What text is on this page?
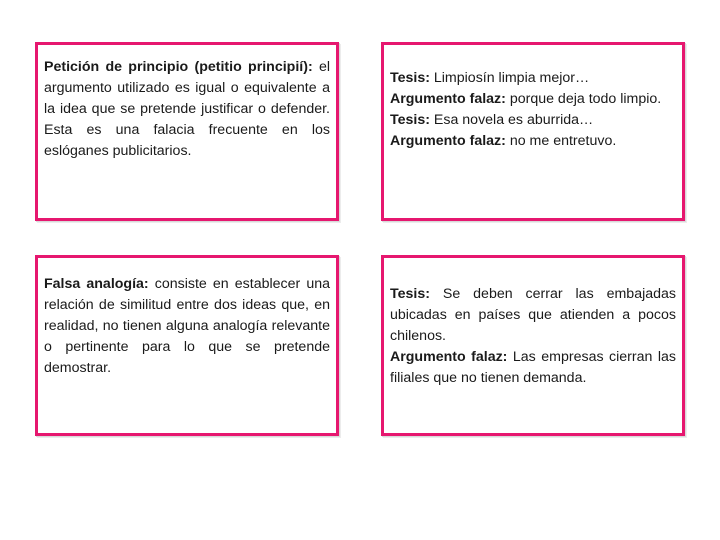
Petición de principio (petitio principií): el argumento utilizado es igual o equivalente a la idea que se pretende justificar o defender. Esta es una falacia frecuente en los eslóganes publicitarios.

Tesis: Limpiosín limpia mejor…

Argumento falaz: porque deja todo limpio.

Tesis: Esa novela es aburrida…

Argumento falaz: no me entretuvo.

Falsa analogía: consiste en establecer una relación de similitud entre dos ideas que, en realidad, no tienen alguna analogía relevante o pertinente para lo que se pretende demostrar.

Tesis: Se deben cerrar las embajadas ubicadas en países que atienden a pocos chilenos.

Argumento falaz: Las empresas cierran las filiales que no tienen demanda.
